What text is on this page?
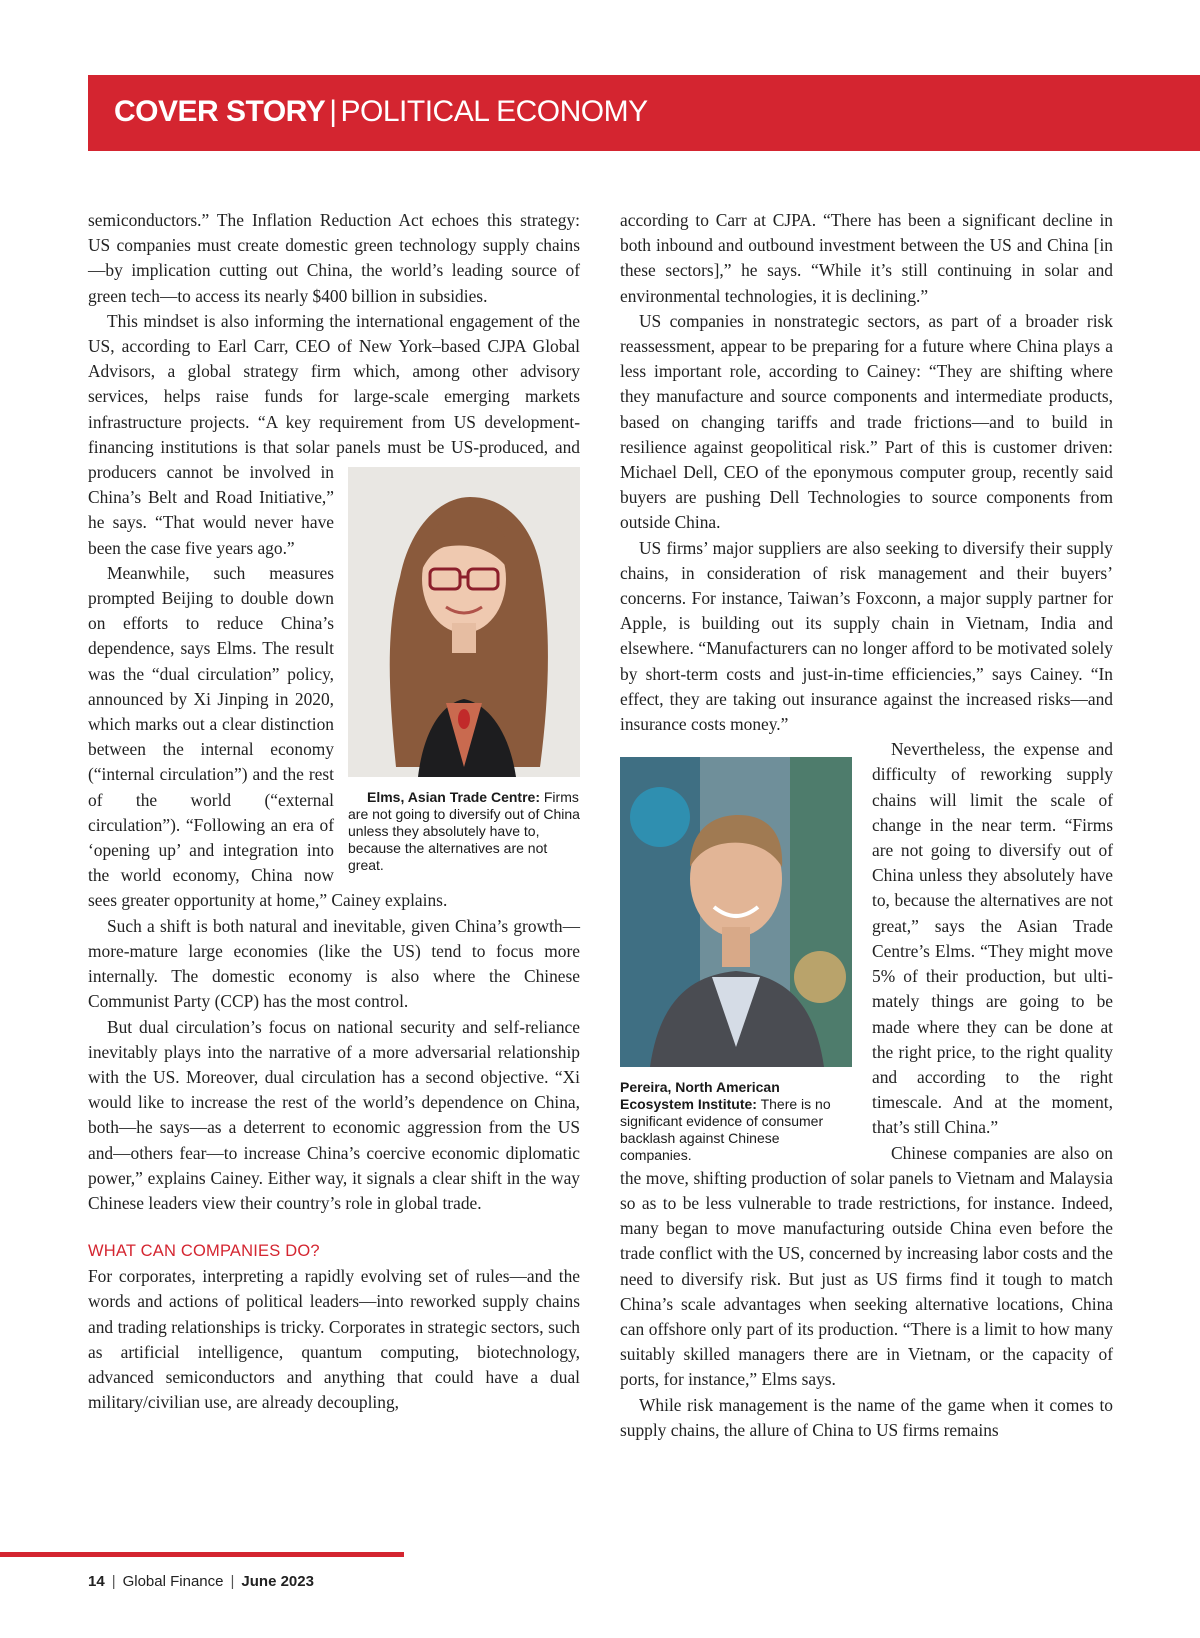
COVER STORY | POLITICAL ECONOMY

semiconductors.” The Inflation Reduction Act echoes this strategy: US companies must create domestic green technology supply chains—by implication cutting out China, the world’s leading source of green tech—to access its nearly $400 billion in subsidies.

This mindset is also informing the international engagement of the US, according to Earl Carr, CEO of New York–based CJPA Global Advisors, a global strategy firm which, among other advisory services, helps raise funds for large-scale emerging markets infrastructure projects. “A key requirement from US development-financing institutions is that solar panels must be
Elms, Asian Trade Centre: Firms are not going to diversify out of China unless they absolutely have to, because the alternatives are not great.
US-produced, and producers cannot be involved in China’s Belt and Road Initiative,” he says. “That would never have been the case five years ago.”

Meanwhile, such measures prompted Beijing to double down on efforts to reduce China’s dependence, says Elms. The result was the “dual circulation” policy, announced by Xi Jinping in 2020, which marks out a clear distinction between the internal economy (“internal circulation”) and the rest of the world (“external circulation”). “Following an era of ‘opening up’ and integration into the world economy, China now sees greater opportunity at home,” Cainey explains.

Such a shift is both natural and inevitable, given China’s growth—more-mature large economies (like the US) tend to focus more internally. The domestic economy is also where the Chinese Communist Party (CCP) has the most control.

But dual circulation’s focus on national security and self-reliance inevitably plays into the narrative of a more adversarial relationship with the US. Moreover, dual circulation has a second objective. “Xi would like to increase the rest of the world’s dependence on China, both—he says—as a deterrent to economic aggression from the US and—others fear—to increase China’s coercive economic diplomatic power,” explains Cainey. Either way, it signals a clear shift in the way Chinese leaders view their country’s role in global trade.

WHAT CAN COMPANIES DO?

For corporates, interpreting a rapidly evolving set of rules—and the words and actions of political leaders—into reworked supply chains and trading relationships is tricky. Corporates in strategic sectors, such as artificial intelligence, quantum computing, biotechnology, advanced semiconductors and anything that could have a dual military/civilian use, are already decoupling,

according to Carr at CJPA. “There has been a significant decline in both inbound and outbound investment between the US and China [in these sectors],” he says. “While it’s still continuing in solar and environmental technologies, it is declining.”

US companies in nonstrategic sectors, as part of a broader risk reassessment, appear to be preparing for a future where China plays a less important role, according to Cainey: “They are shifting where they manufacture and source components and intermediate products, based on changing tariffs and trade frictions—and to build in resilience against geopolitical risk.” Part of this is customer driven: Michael Dell, CEO of the eponymous computer group, recently said buyers are pushing Dell Technologies to source components from outside China.

US firms’ major suppliers are also seeking to diversify their supply chains, in consideration of risk management and their buyers’ concerns. For instance, Taiwan’s Foxconn, a major supply partner for Apple, is building out its supply chain in Vietnam, India and elsewhere. “Manufacturers can no longer afford to be motivated solely by short-term costs and just-in-time efficiencies,” says Cainey. “In effect, they are taking out insurance against the increased risks—and insurance costs money.”

Pereira, North American Ecosystem Institute: There is no significant evidence of consumer backlash against Chinese companies.

Nevertheless, the expense and difficulty of reworking supply chains will limit the scale of change in the near term. “Firms are not going to diversify out of China unless they absolutely have to, because the alternatives are not great,” says the Asian Trade Centre’s Elms. “They might move 5% of their production, but ultimately things are going to be made where they can be done at the right price, to the right quality and according to the right timescale. And at the moment, that’s still China.”

Chinese companies are also on the move, shifting production of solar panels to Vietnam and Malaysia so as to be less vulnerable to trade restrictions, for instance. Indeed, many began to move manufacturing outside China even before the trade conflict with the US, concerned by increasing labor costs and the need to diversify risk. But just as US firms find it tough to match China’s scale advantages when seeking alternative locations, China can offshore only part of its production. “There is a limit to how many suitably skilled managers there are in Vietnam, or the capacity of ports, for instance,” Elms says.

While risk management is the name of the game when it comes to supply chains, the allure of China to US firms remains

14 | Global Finance | June 2023
